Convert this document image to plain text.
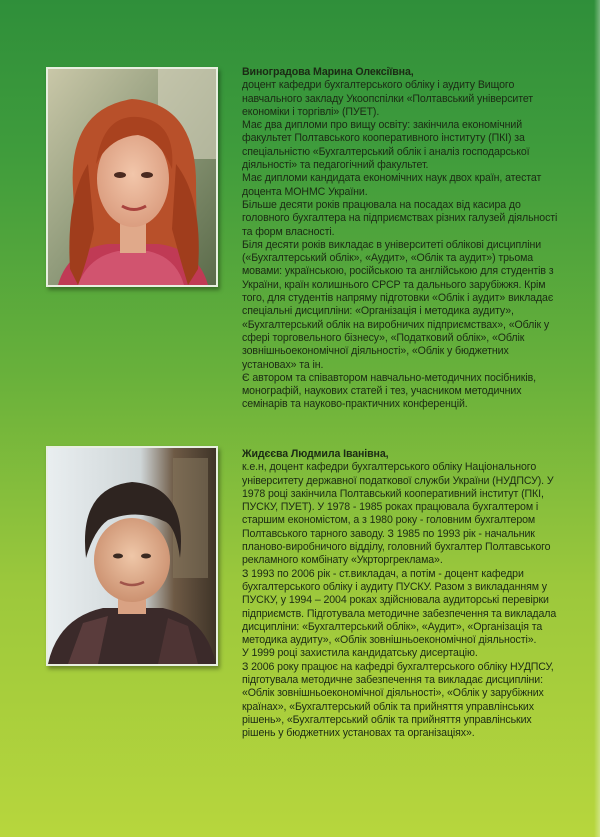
Виноградова Марина Олексіївна,

доцент кафедри бухгалтерського обліку і аудиту Вищого навчального закладу Укоопспілки «Полтавський університет економіки і торгівлі» (ПУЕТ).

Має два дипломи про вищу освіту: закінчила економічний факультет Полтавського кооперативного інституту (ПКІ) за спеціальністю «Бухгалтерський облік і аналіз господарської діяльності» та педагогічний факультет.

Має дипломи кандидата економічних наук двох країн, атестат доцента МОНМС України.

Більше десяти років працювала на посадах від касира до головного бухгалтера на підприємствах різних галузей діяльності та форм власності.

Біля десяти років викладає в університеті облікові дисципліни («Бухгалтерський облік», «Аудит», «Облік та аудит») трьома мовами: українською, російською та англійською для студентів з України, країн колишнього СРСР та дальнього зарубіжжя. Крім того, для студентів напряму підготовки «Облік і аудит» викладає спеціальні дисципліни: «Організація і методика аудиту», «Бухгалтерський облік на виробничих підприємствах», «Облік у сфері торговельного бізнесу», «Податковий облік», «Облік зовнішньоекономічної діяльності», «Облік у бюджетних установах» та ін.

Є автором та співавтором навчально-методичних посібників, монографій, наукових статей і тез, учасником методичних семінарів та науково-практичних конференцій.

Жидєєва Людмила Іванівна,

к.е.н, доцент кафедри бухгалтерського обліку Національного університету державної податкової служби України (НУДПСУ). У 1978 році закінчила Полтавський кооперативний інститут (ПКІ, ПУСКУ, ПУЕТ). У 1978 - 1985 роках працювала бухгалтером і старшим економістом, а з 1980 року - головним бухгалтером Полтавського тарного заводу. З 1985 по 1993 рік - начальник планово-виробничого відділу, головний бухгалтер Полтавського рекламного комбінату «Укрторгреклама».

З 1993 по 2006 рік - ст.викладач, а потім - доцент кафедри бухгалтерського обліку і аудиту ПУСКУ. Разом з викладанням у ПУСКУ, у 1994 – 2004 роках здійснювала аудиторські перевірки підприємств. Підготувала методичне забезпечення та викладала дисципліни: «Бухгалтерський облік», «Аудит», «Організація та методика аудиту», «Облік зовнішньоекономічної діяльності».

У 1999 році захистила кандидатську дисертацію.

З 2006 року працює на кафедрі бухгалтерського обліку НУДПСУ, підготувала методичне забезпечення та викладає дисципліни: «Облік зовнішньоекономічної діяльності», «Облік у зарубіжних країнах», «Бухгалтерський облік та прийняття управлінських рішень», «Бухгалтерський облік та прийняття управлінських рішень у бюджетних установах та організаціях».
